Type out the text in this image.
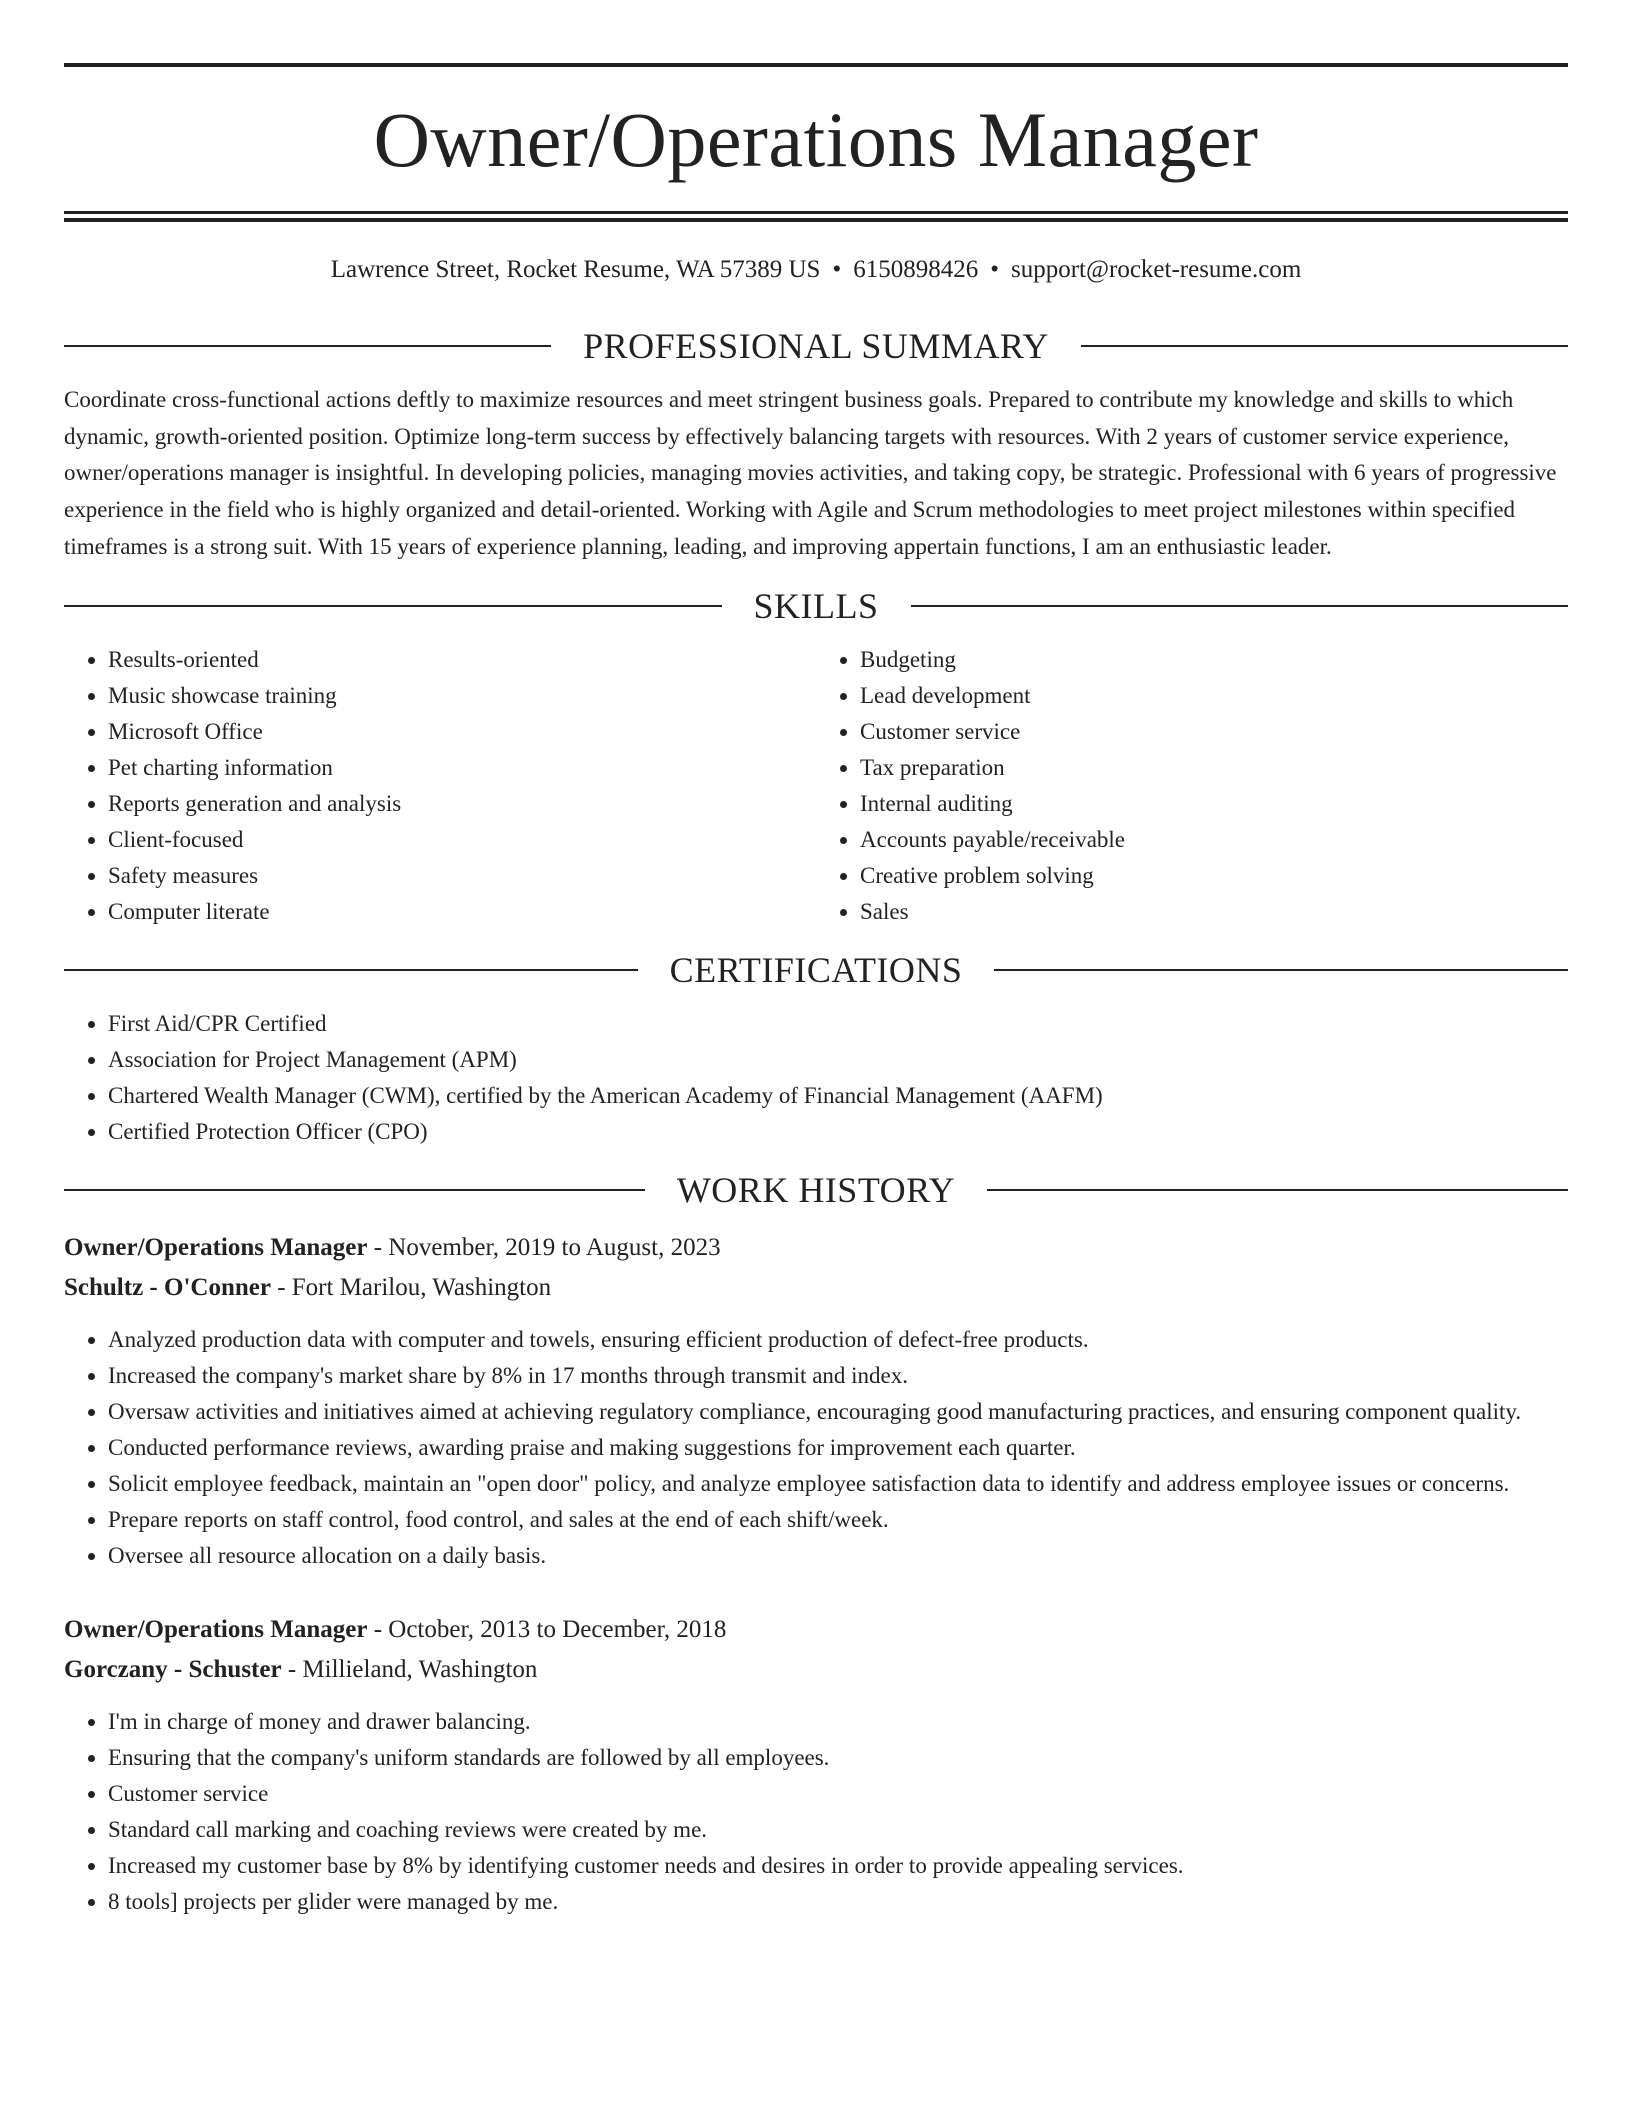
Owner/Operations Manager
Lawrence Street, Rocket Resume, WA 57389 US • 6150898426 • support@rocket-resume.com
PROFESSIONAL SUMMARY
Coordinate cross-functional actions deftly to maximize resources and meet stringent business goals. Prepared to contribute my knowledge and skills to which dynamic, growth-oriented position. Optimize long-term success by effectively balancing targets with resources. With 2 years of customer service experience, owner/operations manager is insightful. In developing policies, managing movies activities, and taking copy, be strategic. Professional with 6 years of progressive experience in the field who is highly organized and detail-oriented. Working with Agile and Scrum methodologies to meet project milestones within specified timeframes is a strong suit. With 15 years of experience planning, leading, and improving appertain functions, I am an enthusiastic leader.
SKILLS
• Results-oriented
• Music showcase training
• Microsoft Office
• Pet charting information
• Reports generation and analysis
• Client-focused
• Safety measures
• Computer literate
• Budgeting
• Lead development
• Customer service
• Tax preparation
• Internal auditing
• Accounts payable/receivable
• Creative problem solving
• Sales
CERTIFICATIONS
• First Aid/CPR Certified
• Association for Project Management (APM)
• Chartered Wealth Manager (CWM), certified by the American Academy of Financial Management (AAFM)
• Certified Protection Officer (CPO)
WORK HISTORY
Owner/Operations Manager - November, 2019 to August, 2023
Schultz - O'Conner - Fort Marilou, Washington
• Analyzed production data with computer and towels, ensuring efficient production of defect-free products.
• Increased the company's market share by 8% in 17 months through transmit and index.
• Oversaw activities and initiatives aimed at achieving regulatory compliance, encouraging good manufacturing practices, and ensuring component quality.
• Conducted performance reviews, awarding praise and making suggestions for improvement each quarter.
• Solicit employee feedback, maintain an "open door" policy, and analyze employee satisfaction data to identify and address employee issues or concerns.
• Prepare reports on staff control, food control, and sales at the end of each shift/week.
• Oversee all resource allocation on a daily basis.
Owner/Operations Manager - October, 2013 to December, 2018
Gorczany - Schuster - Millieland, Washington
• I'm in charge of money and drawer balancing.
• Ensuring that the company's uniform standards are followed by all employees.
• Customer service
• Standard call marking and coaching reviews were created by me.
• Increased my customer base by 8% by identifying customer needs and desires in order to provide appealing services.
• 8 tools] projects per glider were managed by me.
